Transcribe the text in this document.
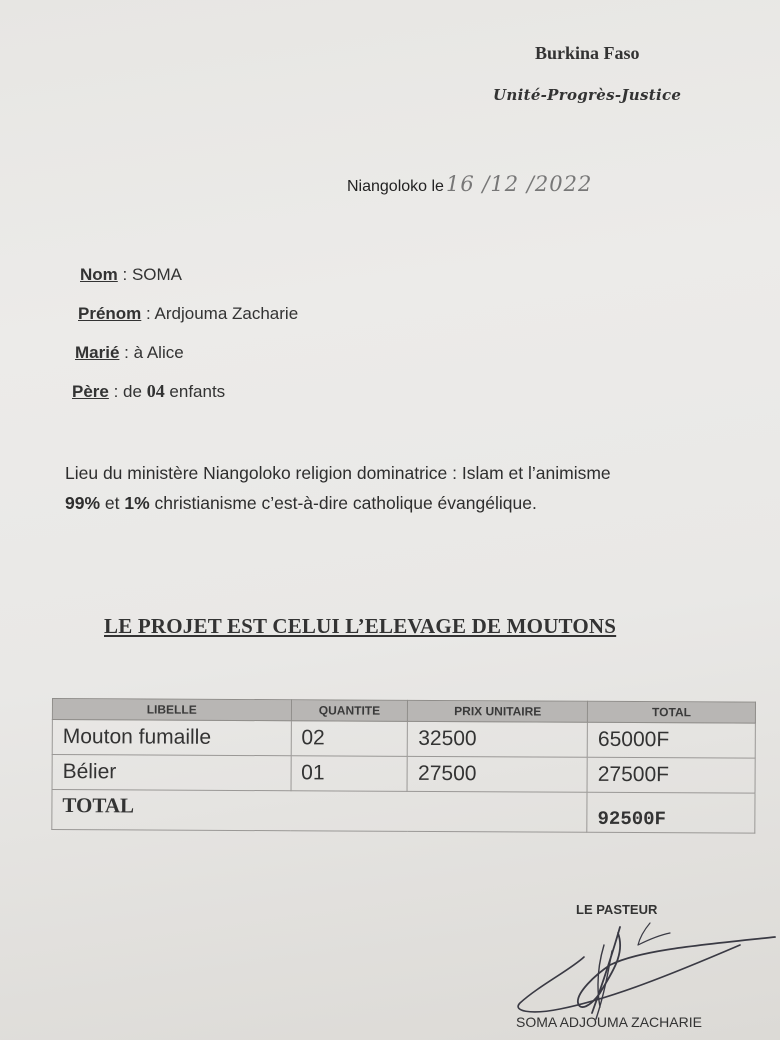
Burkina Faso
Unité-Progrès-Justice
Niangoloko le16 /12 /2022
Nom : SOMA
Prénom : Ardjouma Zacharie
Marié : à Alice
Père : de 04 enfants
Lieu du ministère Niangoloko religion dominatrice : Islam et l’animisme
99% et 1% christianisme c’est-à-dire catholique évangélique.
LE PROJET EST CELUI L’ELEVAGE DE MOUTONS
LIBELLE	QUANTITE	PRIX UNITAIRE	TOTAL
Mouton fumaille	02	32500	65000F
Bélier	01	27500	27500F
TOTAL			92500F
LE PASTEUR
SOMA ADJOUMA ZACHARIE
